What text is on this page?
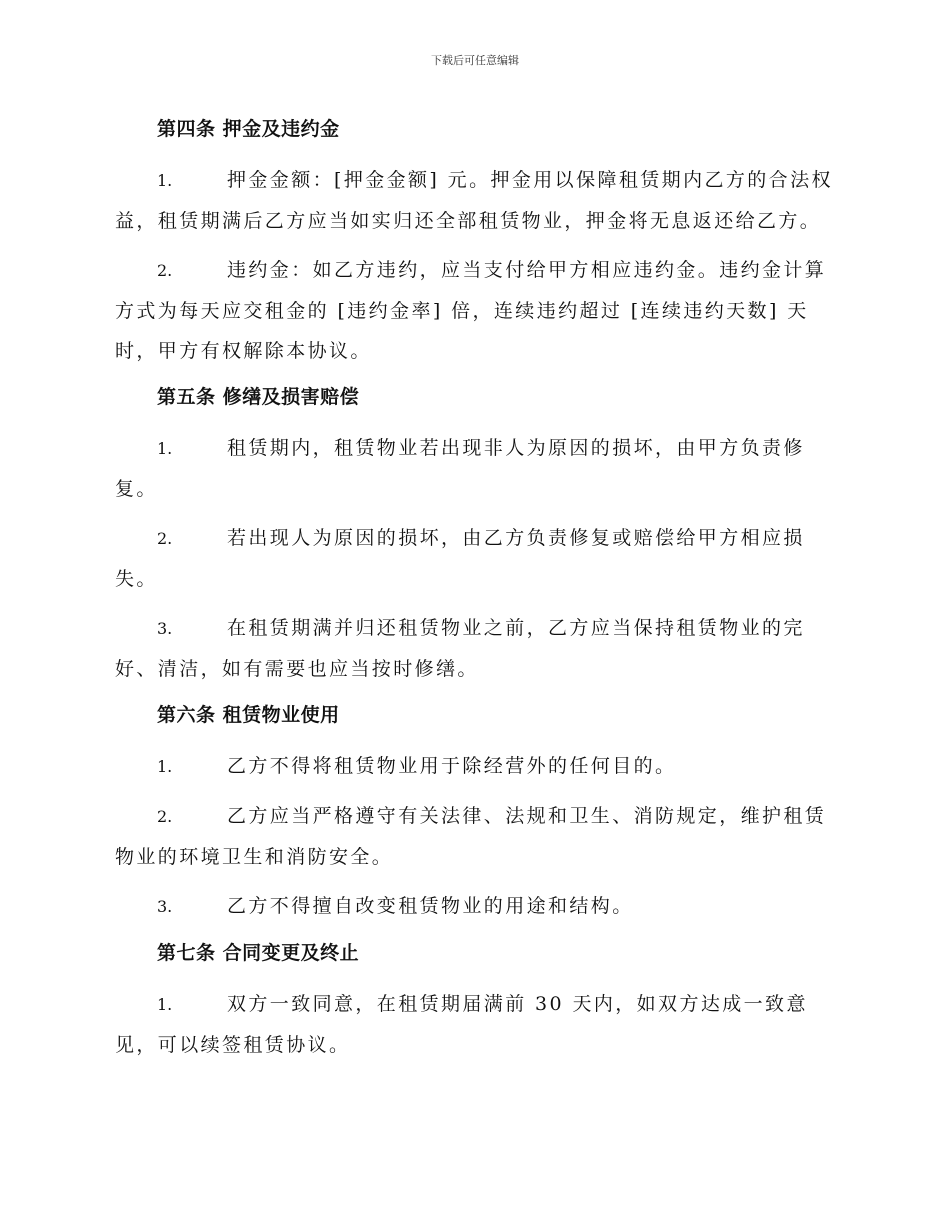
下载后可任意编辑
第四条 押金及违约金

1.	押金金额：[押金金额] 元。押金用以保障租赁期内乙方的合法权益，租赁期满后乙方应当如实归还全部租赁物业，押金将无息返还给乙方。

2.	违约金：如乙方违约，应当支付给甲方相应违约金。违约金计算方式为每天应交租金的 [违约金率] 倍，连续违约超过 [连续违约天数] 天时，甲方有权解除本协议。

第五条 修缮及损害赔偿

1.	租赁期内，租赁物业若出现非人为原因的损坏，由甲方负责修复。

2.	若出现人为原因的损坏，由乙方负责修复或赔偿给甲方相应损失。

3.	在租赁期满并归还租赁物业之前，乙方应当保持租赁物业的完好、清洁，如有需要也应当按时修缮。

第六条 租赁物业使用

1.	乙方不得将租赁物业用于除经营外的任何目的。

2.	乙方应当严格遵守有关法律、法规和卫生、消防规定，维护租赁物业的环境卫生和消防安全。

3.	乙方不得擅自改变租赁物业的用途和结构。

第七条 合同变更及终止

1.	双方一致同意，在租赁期届满前 30 天内，如双方达成一致意见，可以续签租赁协议。
